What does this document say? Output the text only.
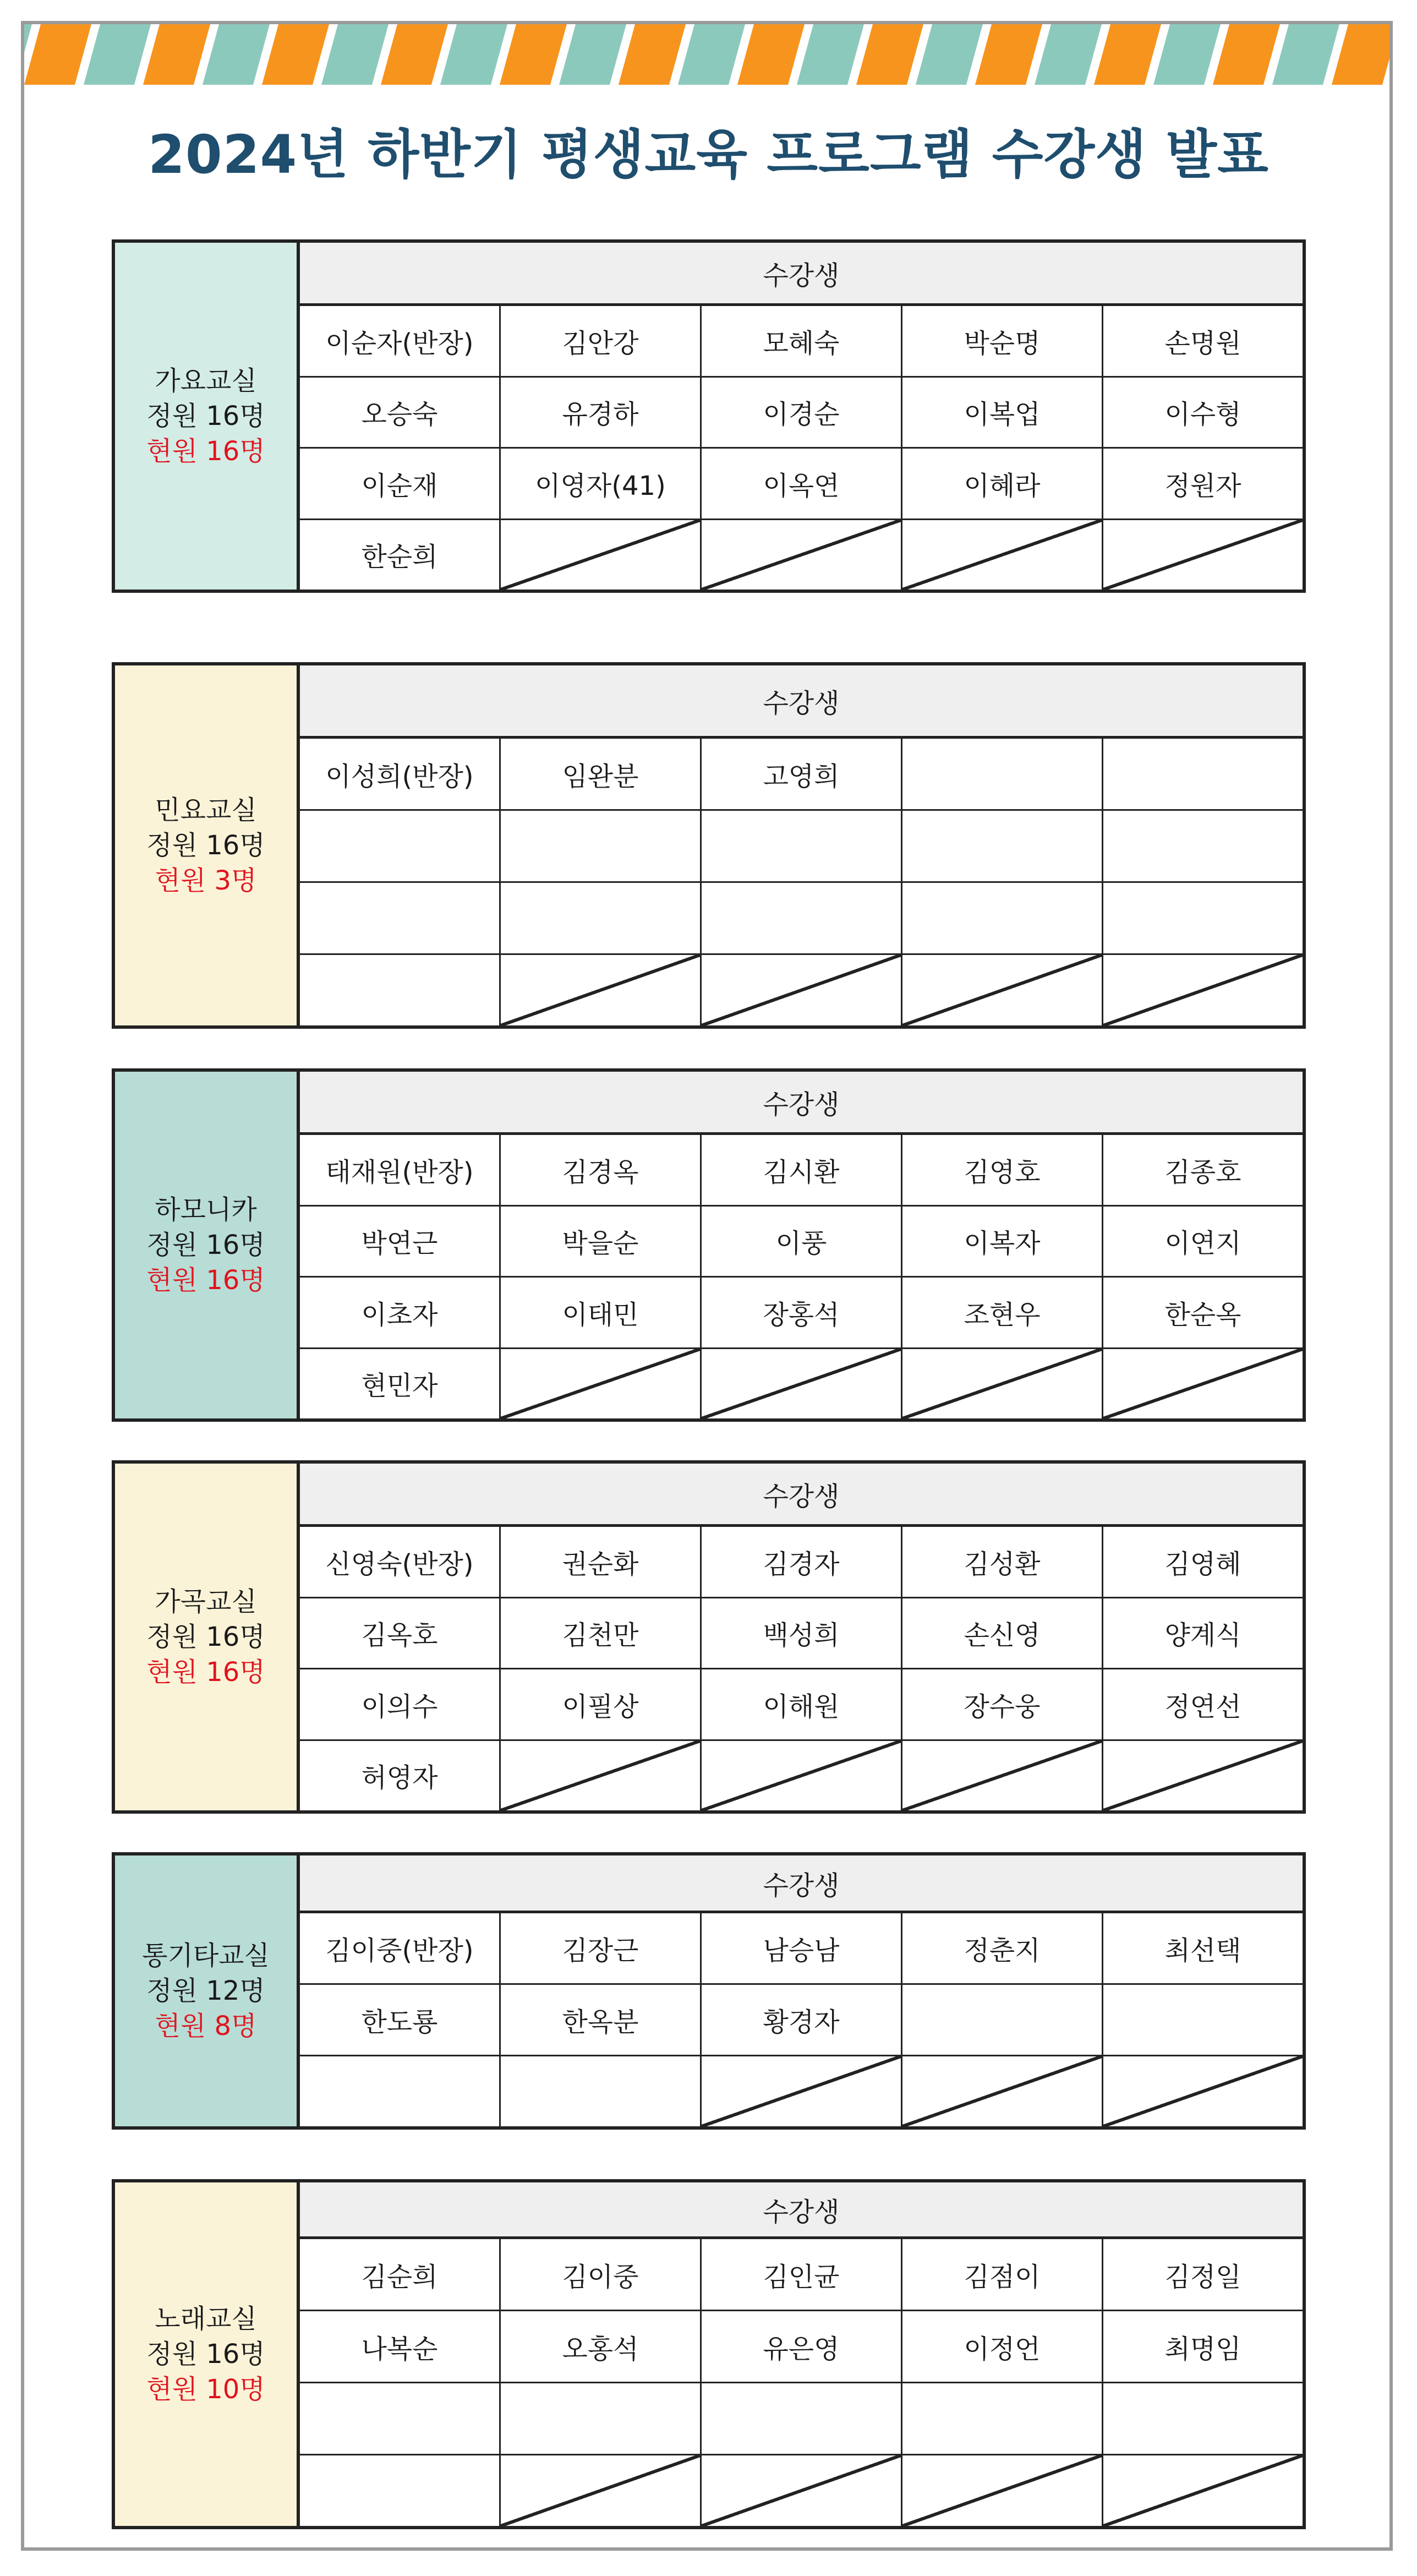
2024년 하반기 평생교육 프로그램 수강생 발표
가요교실
정원 16명
현원 16명
수강생
이순자(반장)	김안강	모혜숙	박순명	손명원
오승숙	유경하	이경순	이복업	이수형
이순재	이영자(41)	이옥연	이혜라	정원자
한순희
민요교실
정원 16명
현원 3명
수강생
이성희(반장)	임완분	고영희
하모니카
정원 16명
현원 16명
수강생
태재원(반장)	김경옥	김시환	김영호	김종호
박연근	박을순	이풍	이복자	이연지
이초자	이태민	장홍석	조현우	한순옥
현민자
가곡교실
정원 16명
현원 16명
수강생
신영숙(반장)	권순화	김경자	김성환	김영혜
김옥호	김천만	백성희	손신영	양계식
이의수	이필상	이해원	장수웅	정연선
허영자
통기타교실
정원 12명
현원 8명
수강생
김이중(반장)	김장근	남승남	정춘지	최선택
한도룡	한옥분	황경자
노래교실
정원 16명
현원 10명
수강생
김순희	김이중	김인균	김점이	김정일
나복순	오홍석	유은영	이정언	최명임
